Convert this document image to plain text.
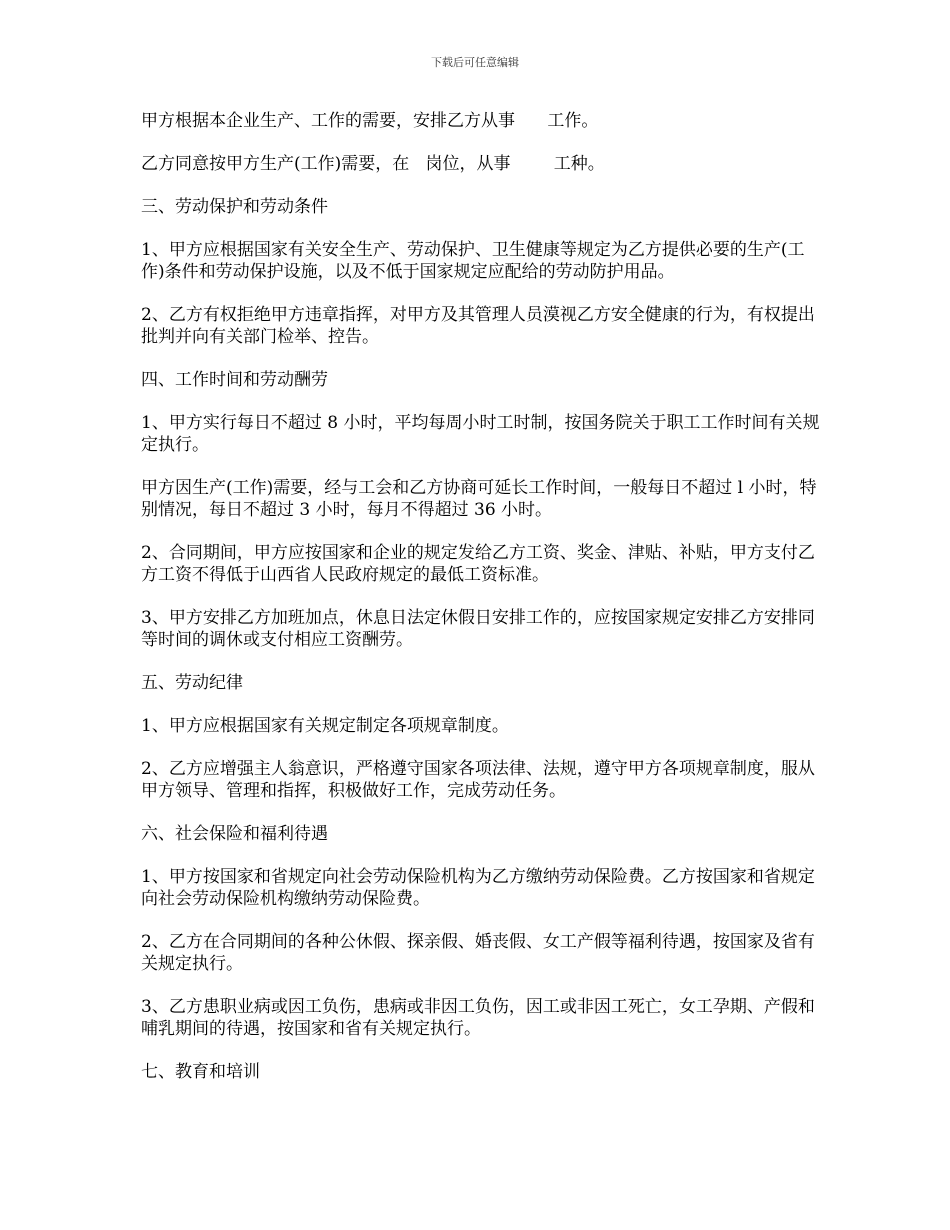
下载后可任意编辑

甲方根据本企业生产、工作的需要，安排乙方从事      工作。

乙方同意按甲方生产(工作)需要，在   岗位，从事        工种。

三、劳动保护和劳动条件

1、甲方应根据国家有关安全生产、劳动保护、卫生健康等规定为乙方提供必要的生产(工作)条件和劳动保护设施，以及不低于国家规定应配给的劳动防护用品。

2、乙方有权拒绝甲方违章指挥，对甲方及其管理人员漠视乙方安全健康的行为，有权提出批判并向有关部门检举、控告。

四、工作时间和劳动酬劳

1、甲方实行每日不超过 8 小时，平均每周小时工时制，按国务院关于职工工作时间有关规定执行。

甲方因生产(工作)需要，经与工会和乙方协商可延长工作时间，一般每日不超过 l 小时，特别情况，每日不超过 3 小时，每月不得超过 36 小时。

2、合同期间，甲方应按国家和企业的规定发给乙方工资、奖金、津贴、补贴，甲方支付乙方工资不得低于山西省人民政府规定的最低工资标准。

3、甲方安排乙方加班加点，休息日法定休假日安排工作的，应按国家规定安排乙方安排同等时间的调休或支付相应工资酬劳。

五、劳动纪律

1、甲方应根据国家有关规定制定各项规章制度。

2、乙方应增强主人翁意识，严格遵守国家各项法律、法规，遵守甲方各项规章制度，服从甲方领导、管理和指挥，积极做好工作，完成劳动任务。

六、社会保险和福利待遇

1、甲方按国家和省规定向社会劳动保险机构为乙方缴纳劳动保险费。乙方按国家和省规定向社会劳动保险机构缴纳劳动保险费。

2、乙方在合同期间的各种公休假、探亲假、婚丧假、女工产假等福利待遇，按国家及省有关规定执行。

3、乙方患职业病或因工负伤，患病或非因工负伤，因工或非因工死亡，女工孕期、产假和哺乳期间的待遇，按国家和省有关规定执行。

七、教育和培训
